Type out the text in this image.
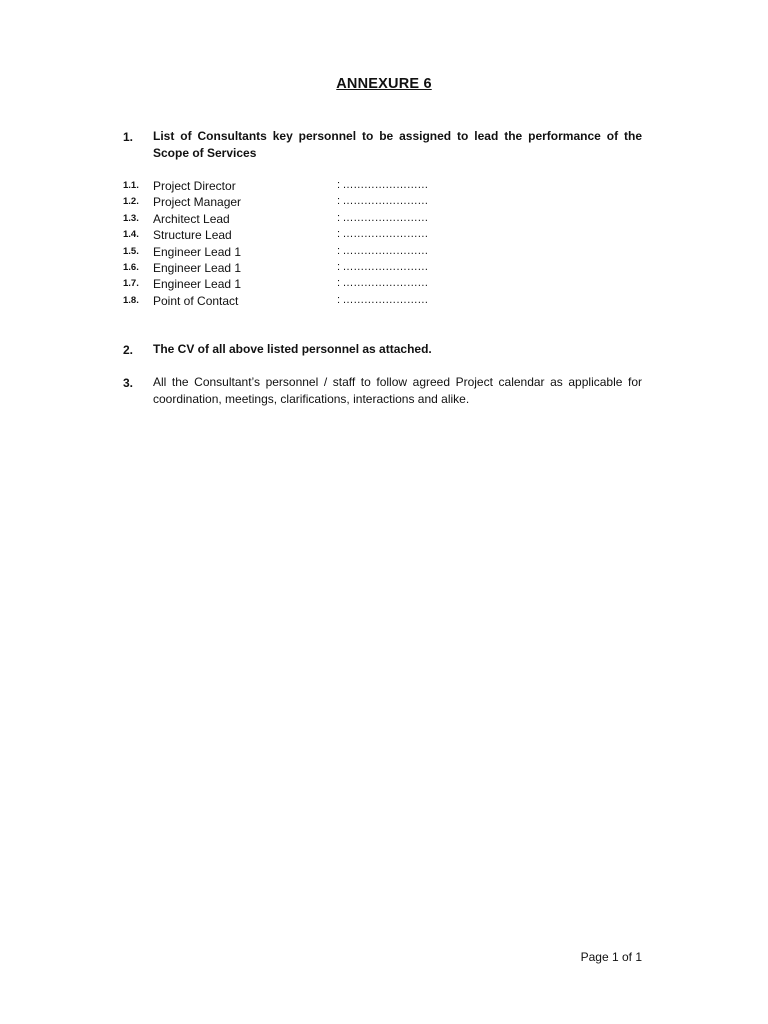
ANNEXURE 6
1. List of Consultants key personnel to be assigned to lead the performance of the Scope of Services
1.1. Project Director	: ……………………
1.2. Project Manager	: ……………………
1.3. Architect Lead	: ……………………
1.4. Structure Lead	: ……………………
1.5. Engineer Lead 1	: ……………………
1.6. Engineer Lead 1	: ……………………
1.7. Engineer Lead 1	: ……………………
1.8. Point of Contact	: ……………………
2. The CV of all above listed personnel as attached.
3. All the Consultant’s personnel / staff to follow agreed Project calendar as applicable for coordination, meetings, clarifications, interactions and alike.
Page 1 of 1
